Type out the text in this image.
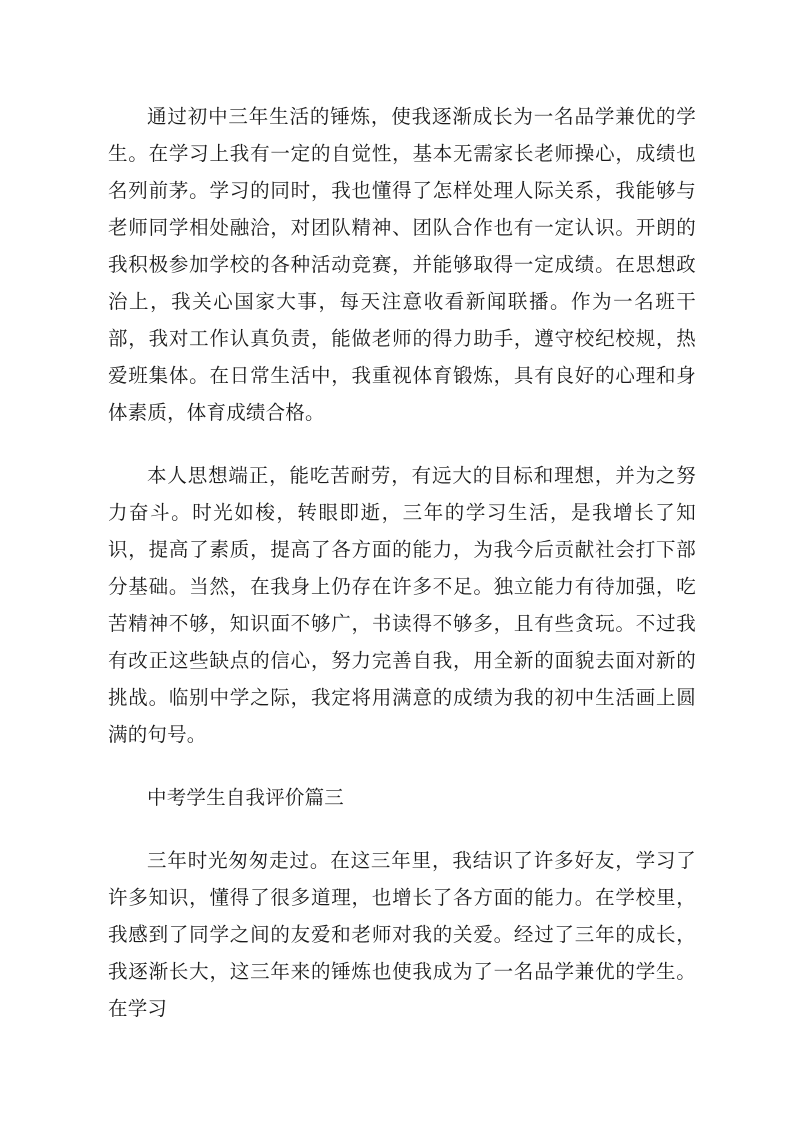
通过初中三年生活的锤炼，使我逐渐成长为一名品学兼优的学生。在学习上我有一定的自觉性，基本无需家长老师操心，成绩也名列前茅。学习的同时，我也懂得了怎样处理人际关系，我能够与老师同学相处融洽，对团队精神、团队合作也有一定认识。开朗的我积极参加学校的各种活动竞赛，并能够取得一定成绩。在思想政治上，我关心国家大事，每天注意收看新闻联播。作为一名班干部，我对工作认真负责，能做老师的得力助手，遵守校纪校规，热爱班集体。在日常生活中，我重视体育锻炼，具有良好的心理和身体素质，体育成绩合格。

本人思想端正，能吃苦耐劳，有远大的目标和理想，并为之努力奋斗。时光如梭，转眼即逝，三年的学习生活，是我增长了知识，提高了素质，提高了各方面的能力，为我今后贡献社会打下部分基础。当然，在我身上仍存在许多不足。独立能力有待加强，吃苦精神不够，知识面不够广，书读得不够多，且有些贪玩。不过我有改正这些缺点的信心，努力完善自我，用全新的面貌去面对新的挑战。临别中学之际，我定将用满意的成绩为我的初中生活画上圆满的句号。

中考学生自我评价篇三

三年时光匆匆走过。在这三年里，我结识了许多好友，学习了许多知识，懂得了很多道理，也增长了各方面的能力。在学校里，我感到了同学之间的友爱和老师对我的关爱。经过了三年的成长，我逐渐长大，这三年来的锤炼也使我成为了一名品学兼优的学生。在学习
